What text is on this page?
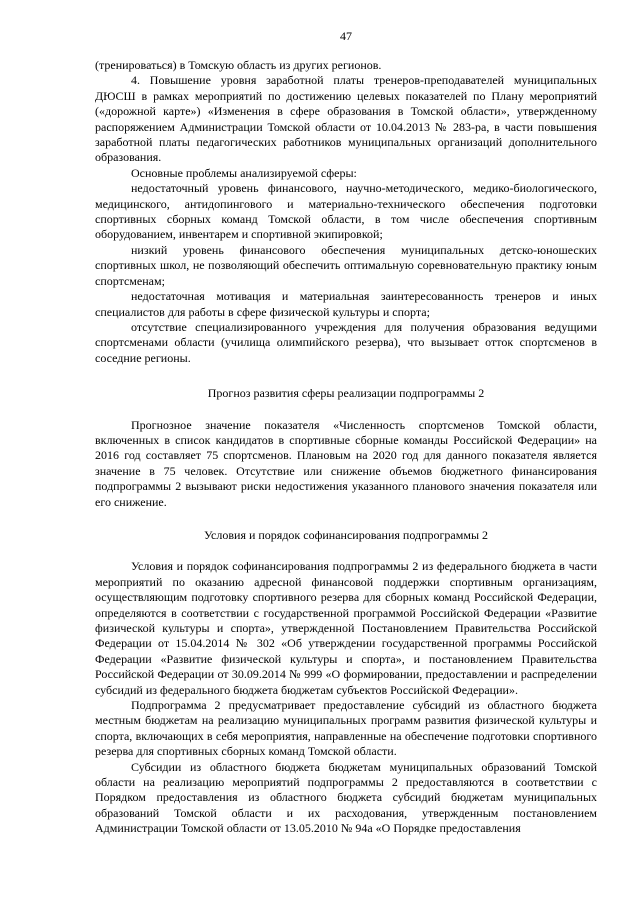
47

(тренироваться) в Томскую область из других регионов.

4. Повышение уровня заработной платы тренеров-преподавателей муниципальных ДЮСШ в рамках мероприятий по достижению целевых показателей по Плану мероприятий («дорожной карте») «Изменения в сфере образования в Томской области», утвержденному распоряжением Администрации Томской области от 10.04.2013 № 283-ра, в части повышения заработной платы педагогических работников муниципальных организаций дополнительного образования.

Основные проблемы анализируемой сферы:

недостаточный уровень финансового, научно-методического, медико-биологического, медицинского, антидопингового и материально-технического обеспечения подготовки спортивных сборных команд Томской области, в том числе обеспечения спортивным оборудованием, инвентарем и спортивной экипировкой;

низкий уровень финансового обеспечения муниципальных детско-юношеских спортивных школ, не позволяющий обеспечить оптимальную соревновательную практику юным спортсменам;

недостаточная мотивация и материальная заинтересованность тренеров и иных специалистов для работы в сфере физической культуры и спорта;

отсутствие специализированного учреждения для получения образования ведущими спортсменами области (училища олимпийского резерва), что вызывает отток спортсменов в соседние регионы.

Прогноз развития сферы реализации подпрограммы 2

Прогнозное значение показателя «Численность спортсменов Томской области, включенных в список кандидатов в спортивные сборные команды Российской Федерации» на 2016 год составляет 75 спортсменов. Плановым на 2020 год для данного показателя является значение в 75 человек. Отсутствие или снижение объемов бюджетного финансирования подпрограммы 2 вызывают риски недостижения указанного планового значения показателя или его снижение.

Условия и порядок софинансирования подпрограммы 2

Условия и порядок софинансирования подпрограммы 2 из федерального бюджета в части мероприятий по оказанию адресной финансовой поддержки спортивным организациям, осуществляющим подготовку спортивного резерва для сборных команд Российской Федерации, определяются в соответствии с государственной программой Российской Федерации «Развитие физической культуры и спорта», утвержденной Постановлением Правительства Российской Федерации от 15.04.2014 № 302 «Об утверждении государственной программы Российской Федерации «Развитие физической культуры и спорта», и постановлением Правительства Российской Федерации от 30.09.2014 № 999 «О формировании, предоставлении и распределении субсидий из федерального бюджета бюджетам субъектов Российской Федерации».

Подпрограмма 2 предусматривает предоставление субсидий из областного бюджета местным бюджетам на реализацию муниципальных программ развития физической культуры и спорта, включающих в себя мероприятия, направленные на обеспечение подготовки спортивного резерва для спортивных сборных команд Томской области.

Субсидии из областного бюджета бюджетам муниципальных образований Томской области на реализацию мероприятий подпрограммы 2 предоставляются в соответствии с Порядком предоставления из областного бюджета субсидий бюджетам муниципальных образований Томской области и их расходования, утвержденным постановлением Администрации Томской области от 13.05.2010 № 94а «О Порядке предоставления
